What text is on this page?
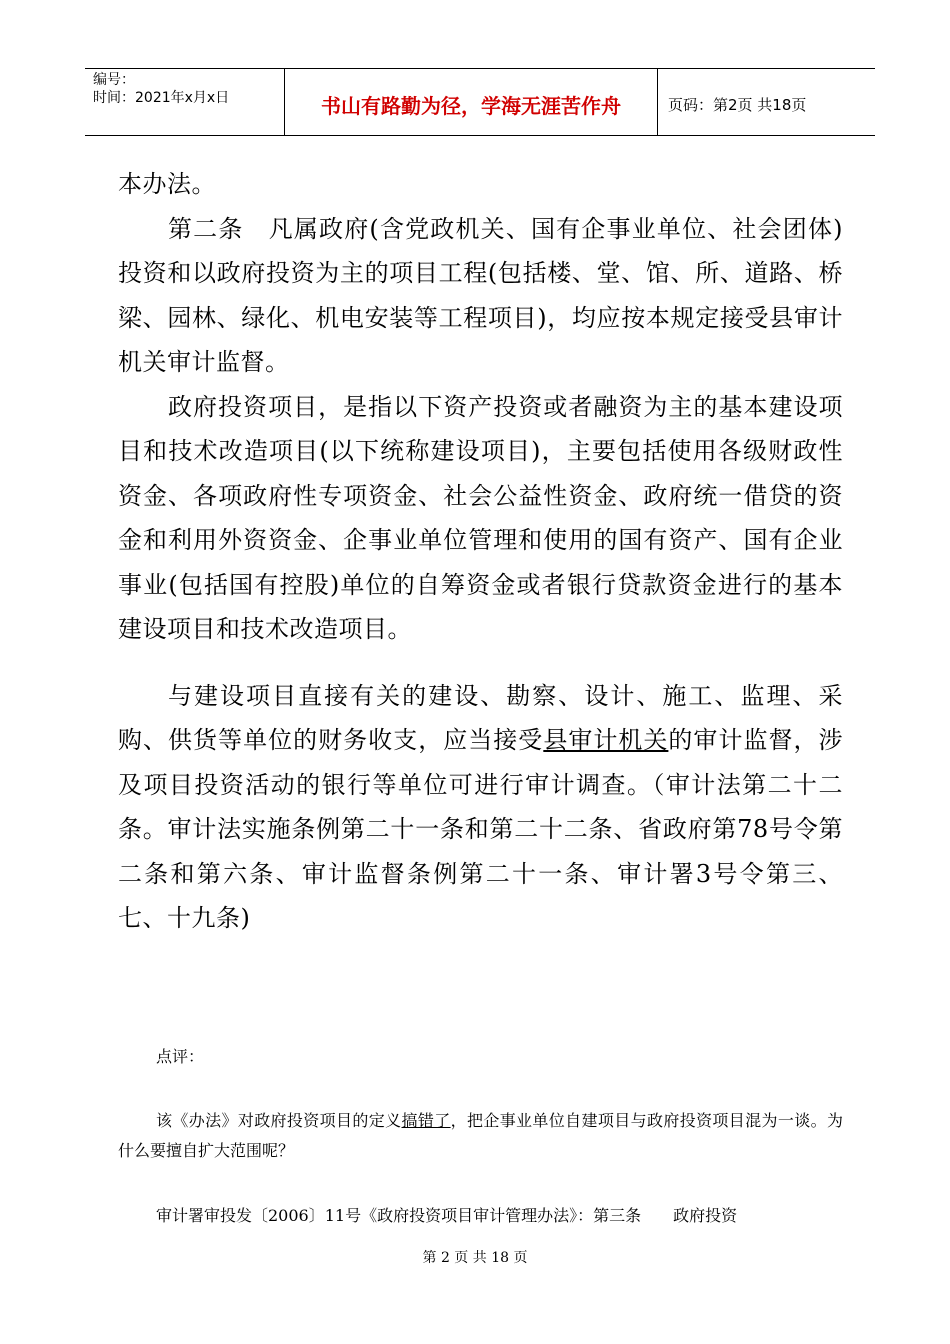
编号：
时间：2021年x月x日	书山有路勤为径，学海无涯苦作舟	页码：第2页 共18页

本办法。

第二条　凡属政府(含党政机关、国有企事业单位、社会团体)投资和以政府投资为主的项目工程(包括楼、堂、馆、所、道路、桥梁、园林、绿化、机电安装等工程项目)，均应按本规定接受县审计机关审计监督。

政府投资项目，是指以下资产投资或者融资为主的基本建设项目和技术改造项目(以下统称建设项目)，主要包括使用各级财政性资金、各项政府性专项资金、社会公益性资金、政府统一借贷的资金和利用外资资金、企事业单位管理和使用的国有资产、国有企业事业(包括国有控股)单位的自筹资金或者银行贷款资金进行的基本建设项目和技术改造项目。

与建设项目直接有关的建设、勘察、设计、施工、监理、采购、供货等单位的财务收支，应当接受县审计机关的审计监督，涉及项目投资活动的银行等单位可进行审计调查。（审计法第二十二条。审计法实施条例第二十一条和第二十二条、省政府第78号令第二条和第六条、审计监督条例第二十一条、审计署3号令第三、七、十九条)

点评：

该《办法》对政府投资项目的定义搞错了，把企事业单位自建项目与政府投资项目混为一谈。为什么要擅自扩大范围呢？

审计署审投发〔2006〕11号《政府投资项目审计管理办法》：第三条　　政府投资

第 2 页 共 18 页
